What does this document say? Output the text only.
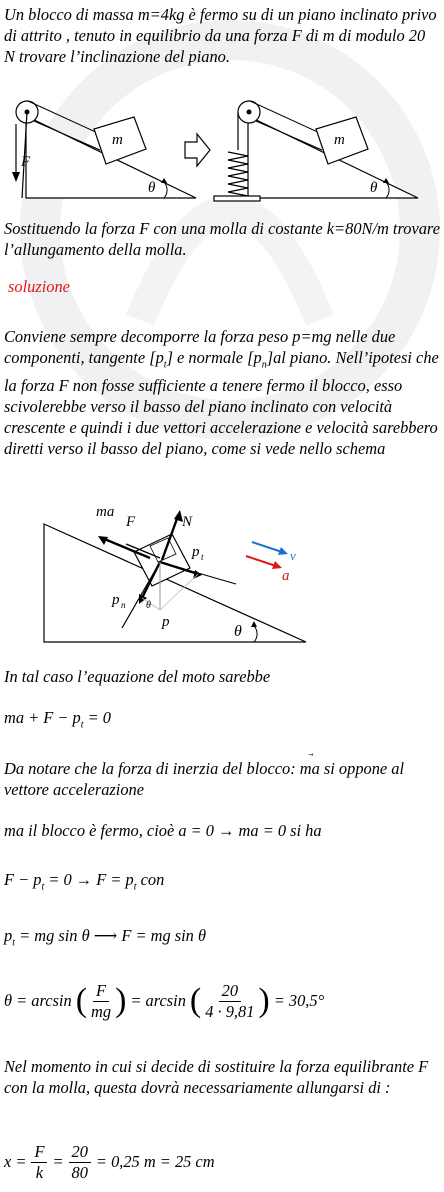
Un blocco di massa m=4kg è fermo su di un piano inclinato privo di attrito , tenuto in equilibrio da una forza F di m di modulo 20 N trovare l’inclinazione del piano.

m
F
θ
m
θ

Sostituendo la forza F con una molla di costante k=80N/m trovare l’allungamento della molla.

soluzione

Conviene sempre decomporre la forza peso p=mg nelle due componenti, tangente $[p_t]$ e normale $[p_n]al$ piano. Nell’ipotesi che la forza F non fosse sufficiente a tenere fermo il blocco, esso scivolerebbe verso il basso del piano inclinato con velocità crescente e quindi i due vettori accelerazione e velocità sarebbero diretti verso il basso del piano, come si vede nello schema

ma
F	N
p t
p n
p
θ
θ
v
a

In tal caso l’equazione del moto sarebbe

ma + $F - p_t = 0$

Da notare che la forza di inerzia del blocco: ma
si oppone al vettore accelerazione

ma il blocco è fermo, cioè a = 0 → ma = 0 si ha

$F - p_t = 0 \to F = p_t$ con
$p_t$ = mg sin θ ⟶ F = mg sin θ
θ = arcsin ( F
mg ) = arcsin ( 20
4 · 9,81 ) = 30,5°

Nel momento in cui si decide di sostituire la forza equilibrante F con la molla, questa dovrà necessariamente allungarsi di :

$x = \frac{F}{k} = \frac{20}{80} = 0,25$ m = 25 cm
